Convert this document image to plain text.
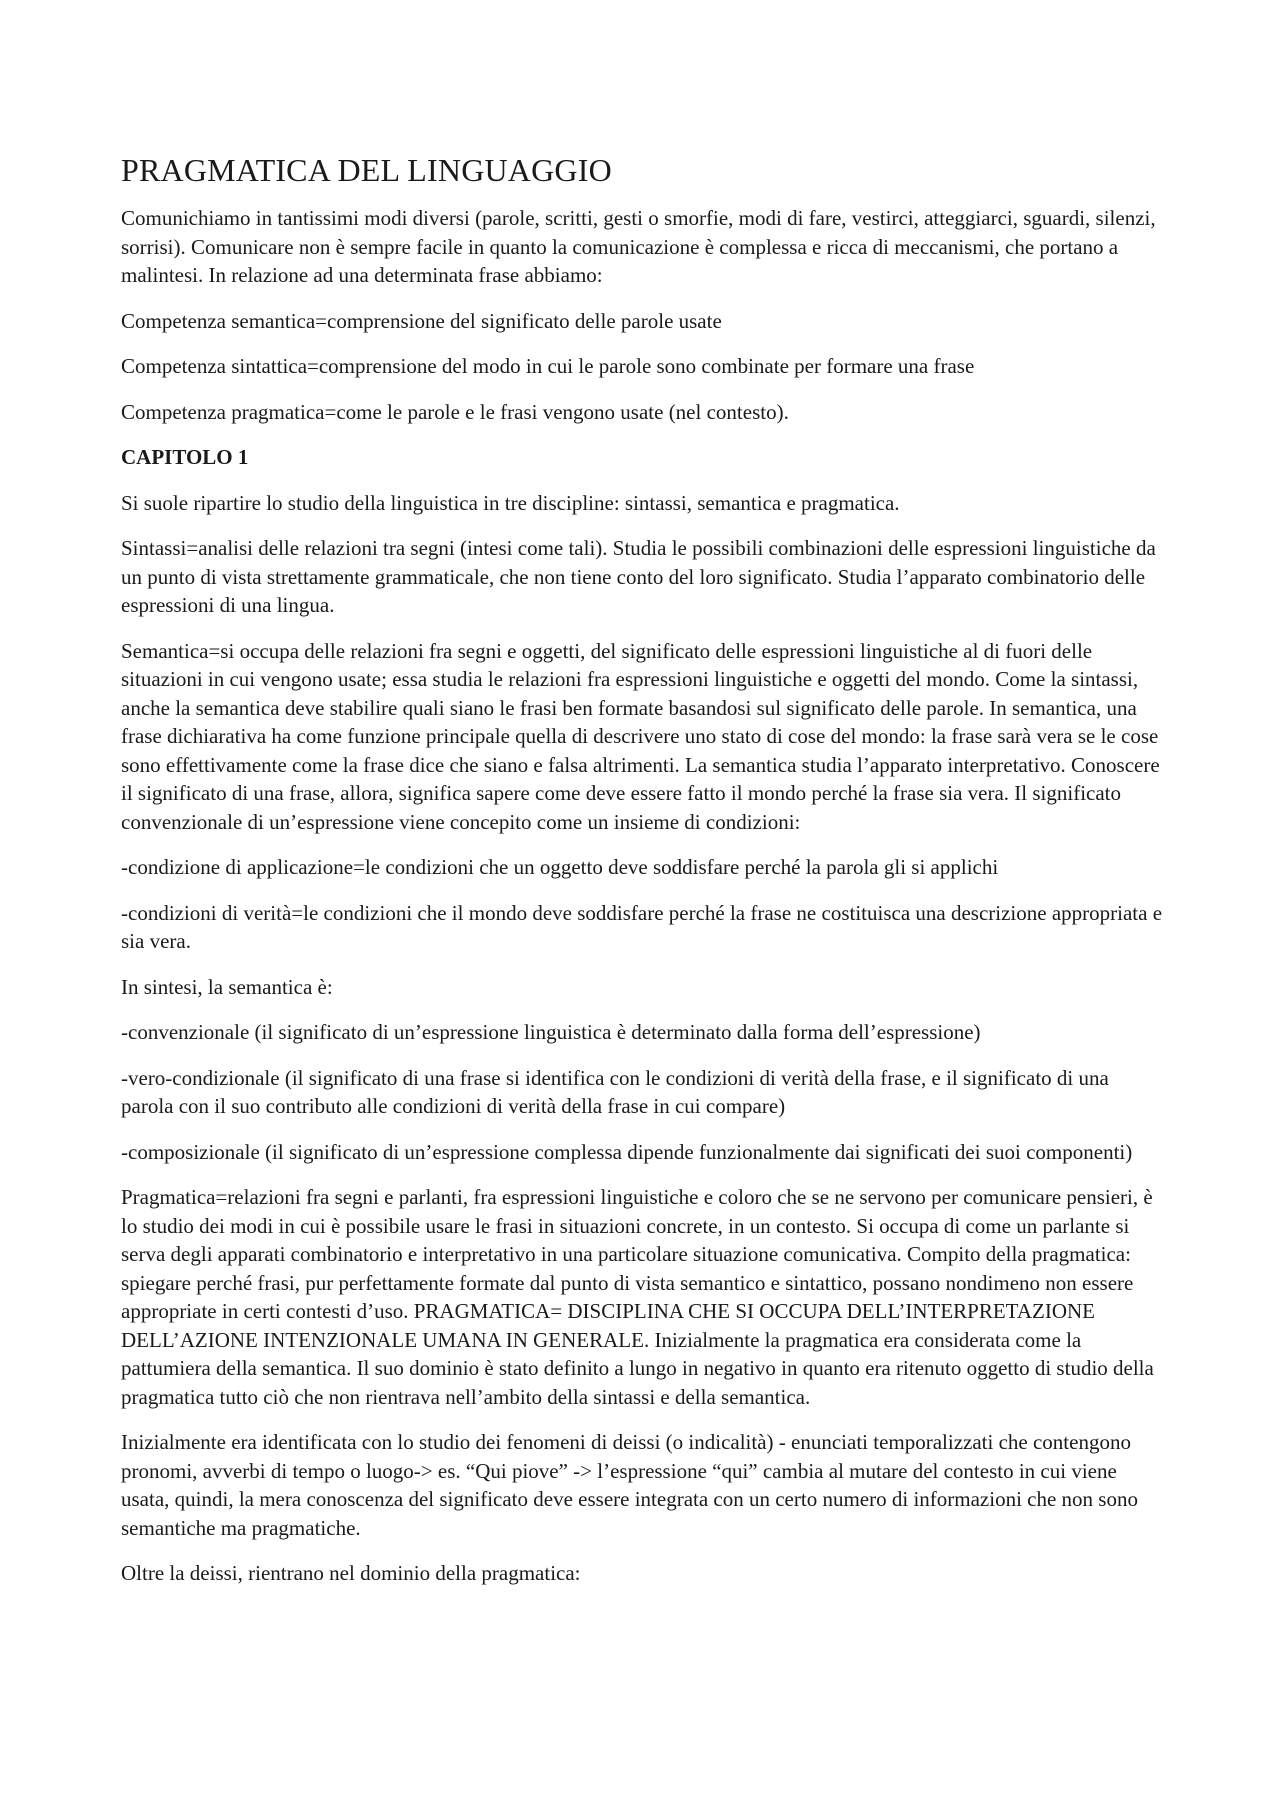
PRAGMATICA DEL LINGUAGGIO

Comunichiamo in tantissimi modi diversi (parole, scritti, gesti o smorfie, modi di fare, vestirci, atteggiarci, sguardi, silenzi, sorrisi). Comunicare non è sempre facile in quanto la comunicazione è complessa e ricca di meccanismi, che portano a malintesi. In relazione ad una determinata frase abbiamo:

Competenza semantica=comprensione del significato delle parole usate

Competenza sintattica=comprensione del modo in cui le parole sono combinate per formare una frase

Competenza pragmatica=come le parole e le frasi vengono usate (nel contesto).

CAPITOLO 1

Si suole ripartire lo studio della linguistica in tre discipline: sintassi, semantica e pragmatica.

Sintassi=analisi delle relazioni tra segni (intesi come tali). Studia le possibili combinazioni delle espressioni linguistiche da un punto di vista strettamente grammaticale, che non tiene conto del loro significato. Studia l’apparato combinatorio delle espressioni di una lingua.

Semantica=si occupa delle relazioni fra segni e oggetti, del significato delle espressioni linguistiche al di fuori delle situazioni in cui vengono usate; essa studia le relazioni fra espressioni linguistiche e oggetti del mondo. Come la sintassi, anche la semantica deve stabilire quali siano le frasi ben formate basandosi sul significato delle parole. In semantica, una frase dichiarativa ha come funzione principale quella di descrivere uno stato di cose del mondo: la frase sarà vera se le cose sono effettivamente come la frase dice che siano e falsa altrimenti. La semantica studia l’apparato interpretativo. Conoscere il significato di una frase, allora, significa sapere come deve essere fatto il mondo perché la frase sia vera. Il significato convenzionale di un’espressione viene concepito come un insieme di condizioni:

-condizione di applicazione=le condizioni che un oggetto deve soddisfare perché la parola gli si applichi

-condizioni di verità=le condizioni che il mondo deve soddisfare perché la frase ne costituisca una descrizione appropriata e sia vera.

In sintesi, la semantica è:

-convenzionale (il significato di un’espressione linguistica è determinato dalla forma dell’espressione)

-vero-condizionale (il significato di una frase si identifica con le condizioni di verità della frase, e il significato di una parola con il suo contributo alle condizioni di verità della frase in cui compare)

-composizionale (il significato di un’espressione complessa dipende funzionalmente dai significati dei suoi componenti)

Pragmatica=relazioni fra segni e parlanti, fra espressioni linguistiche e coloro che se ne servono per comunicare pensieri, è lo studio dei modi in cui è possibile usare le frasi in situazioni concrete, in un contesto. Si occupa di come un parlante si serva degli apparati combinatorio e interpretativo in una particolare situazione comunicativa. Compito della pragmatica: spiegare perché frasi, pur perfettamente formate dal punto di vista semantico e sintattico, possano nondimeno non essere appropriate in certi contesti d’uso. PRAGMATICA= DISCIPLINA CHE SI OCCUPA DELL’INTERPRETAZIONE DELL’AZIONE INTENZIONALE UMANA IN GENERALE. Inizialmente la pragmatica era considerata come la pattumiera della semantica. Il suo dominio è stato definito a lungo in negativo in quanto era ritenuto oggetto di studio della pragmatica tutto ciò che non rientrava nell’ambito della sintassi e della semantica.

Inizialmente era identificata con lo studio dei fenomeni di deissi (o indicalità) - enunciati temporalizzati che contengono pronomi, avverbi di tempo o luogo-> es. “Qui piove” -> l’espressione “qui” cambia al mutare del contesto in cui viene usata, quindi, la mera conoscenza del significato deve essere integrata con un certo numero di informazioni che non sono semantiche ma pragmatiche.

Oltre la deissi, rientrano nel dominio della pragmatica:
